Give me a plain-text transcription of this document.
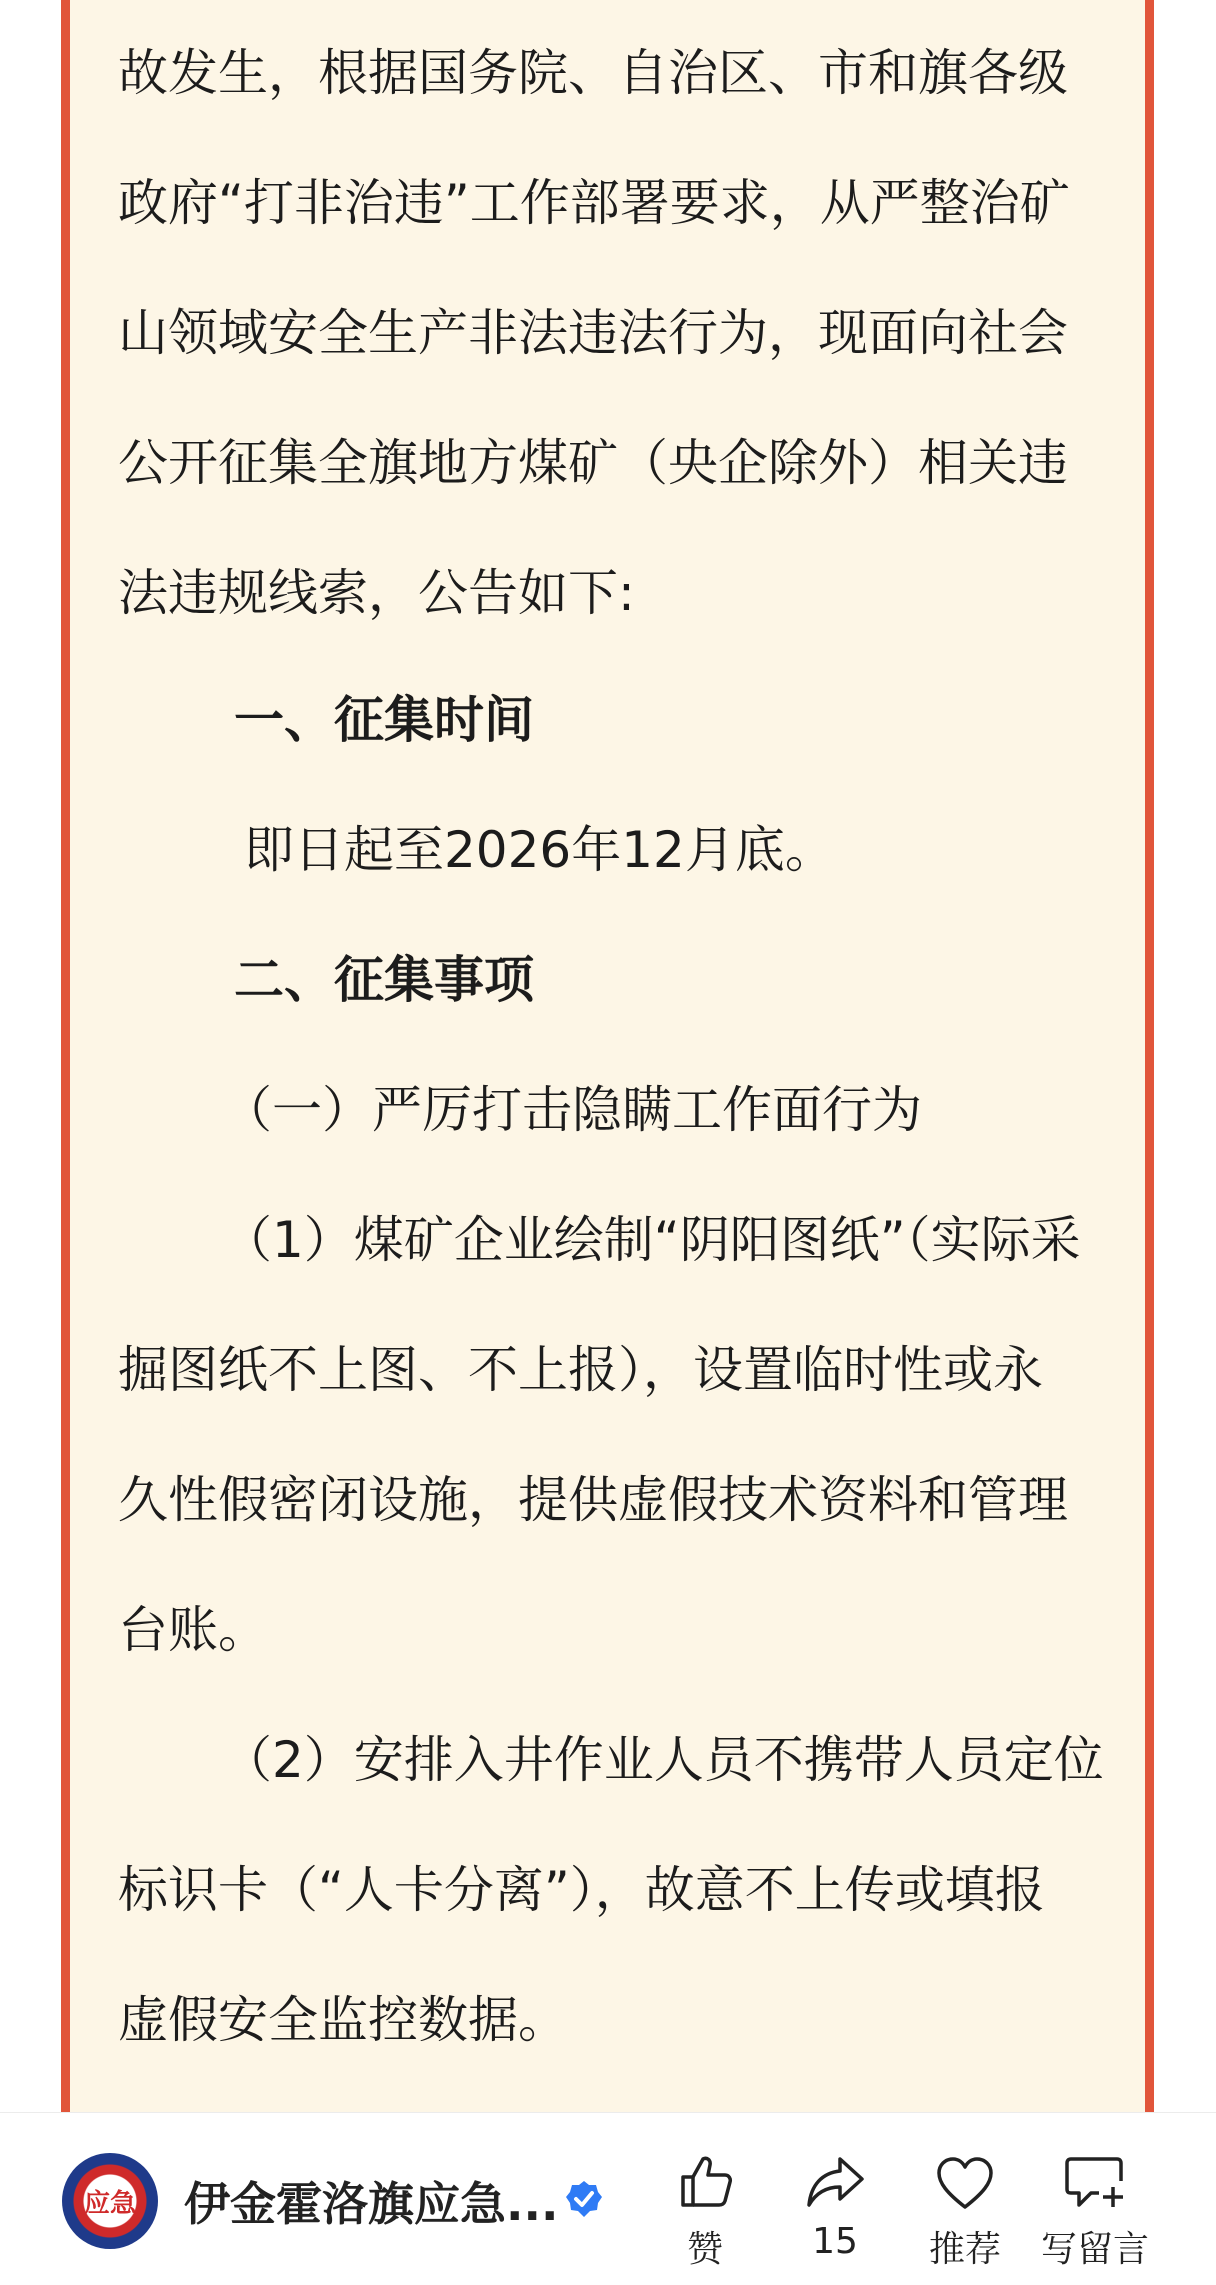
故发生，根据国务院、自治区、市和旗各级

政府“打非治违”工作部署要求，从严整治矿

山领域安全生产非法违法行为，现面向社会

公开征集全旗地方煤矿（央企除外）相关违

法违规线索，公告如下:

一、征集时间

即日起至2026年12月底。

二、征集事项

（一）严厉打击隐瞒工作面行为

（1）煤矿企业绘制“阴阳图纸”（实际采

掘图纸不上图、不上报），设置临时性或永

久性假密闭设施，提供虚假技术资料和管理

台账。

（2）安排入井作业人员不携带人员定位

标识卡（“人卡分离”），故意不上传或填报

虚假安全监控数据。

应急 伊金霍洛旗应急...
赞	15	推荐	写留言
